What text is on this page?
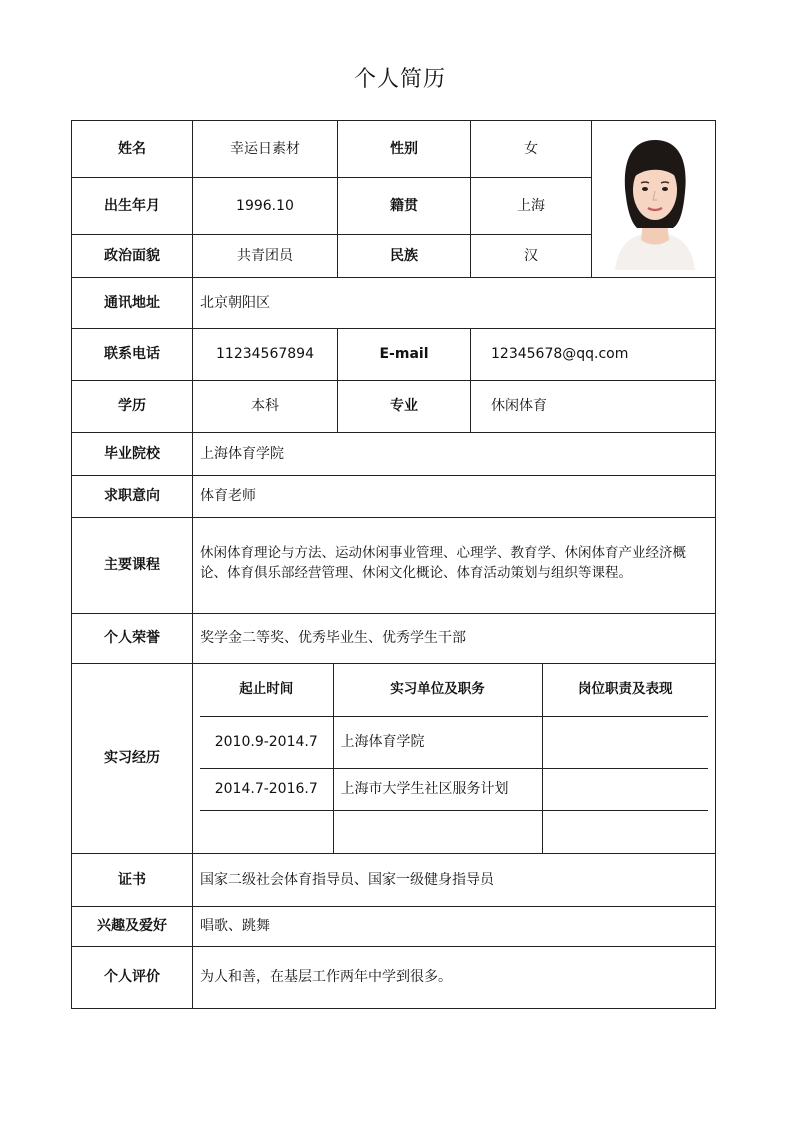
个人简历
姓名	幸运日素材	性别	女	

出生年月	1996.10	籍贯	上海
政治面貌	共青团员	民族	汉
通讯地址	北京朝阳区
联系电话	11234567894	E-mail	12345678@qq.com
学历	本科	专业	休闲体育
毕业院校	上海体育学院
求职意向	体育老师
主要课程	休闲体育理论与方法、运动休闲事业管理、心理学、教育学、休闲体育产业经济概论、体育俱乐部经营管理、休闲文化概论、体育活动策划与组织等课程。
个人荣誉	奖学金二等奖、优秀毕业生、优秀学生干部
实习经历	
起止时间	实习单位及职务	岗位职责及表现
2010.9-2014.7	上海体育学院	
2014.7-2016.7	上海市大学生社区服务计划	

证书	国家二级社会体育指导员、国家一级健身指导员
兴趣及爱好	唱歌、跳舞
个人评价	为人和善，在基层工作两年中学到很多。
